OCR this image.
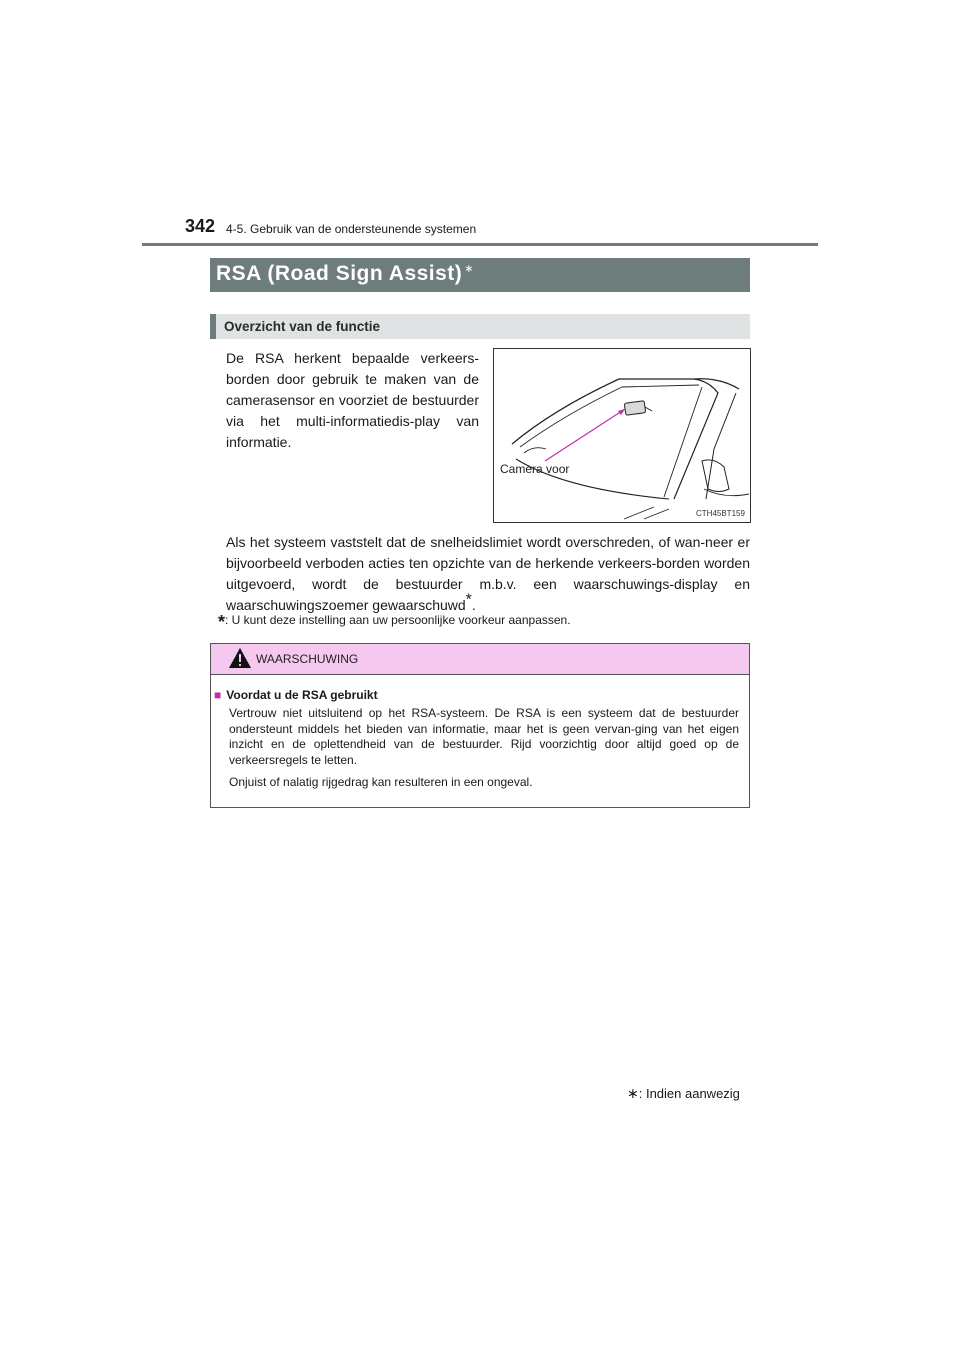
342 4-5. Gebruik van de ondersteunende systemen
RSA (Road Sign Assist) ∗
Overzicht van de functie
De RSA herkent bepaalde verkeers-borden door gebruik te maken van de camerasensor en voorziet de bestuurder via het multi-informatiedis-play van informatie.
Camera voor
CTH45BT159
Als het systeem vaststelt dat de snelheidslimiet wordt overschreden, of wan-neer er bijvoorbeeld verboden acties ten opzichte van de herkende verkeers-borden worden uitgevoerd, wordt de bestuurder m.b.v. een waarschuwings-display en waarschuwingszoemer gewaarschuwd*.
*: U kunt deze instelling aan uw persoonlijke voorkeur aanpassen.
WAARSCHUWING
■ Voordat u de RSA gebruikt
Vertrouw niet uitsluitend op het RSA-systeem. De RSA is een systeem dat de bestuurder ondersteunt middels het bieden van informatie, maar het is geen vervan-ging van het eigen inzicht en de oplettendheid van de bestuurder. Rijd voorzichtig door altijd goed op de verkeersregels te letten.
Onjuist of nalatig rijgedrag kan resulteren in een ongeval.
∗: Indien aanwezig
